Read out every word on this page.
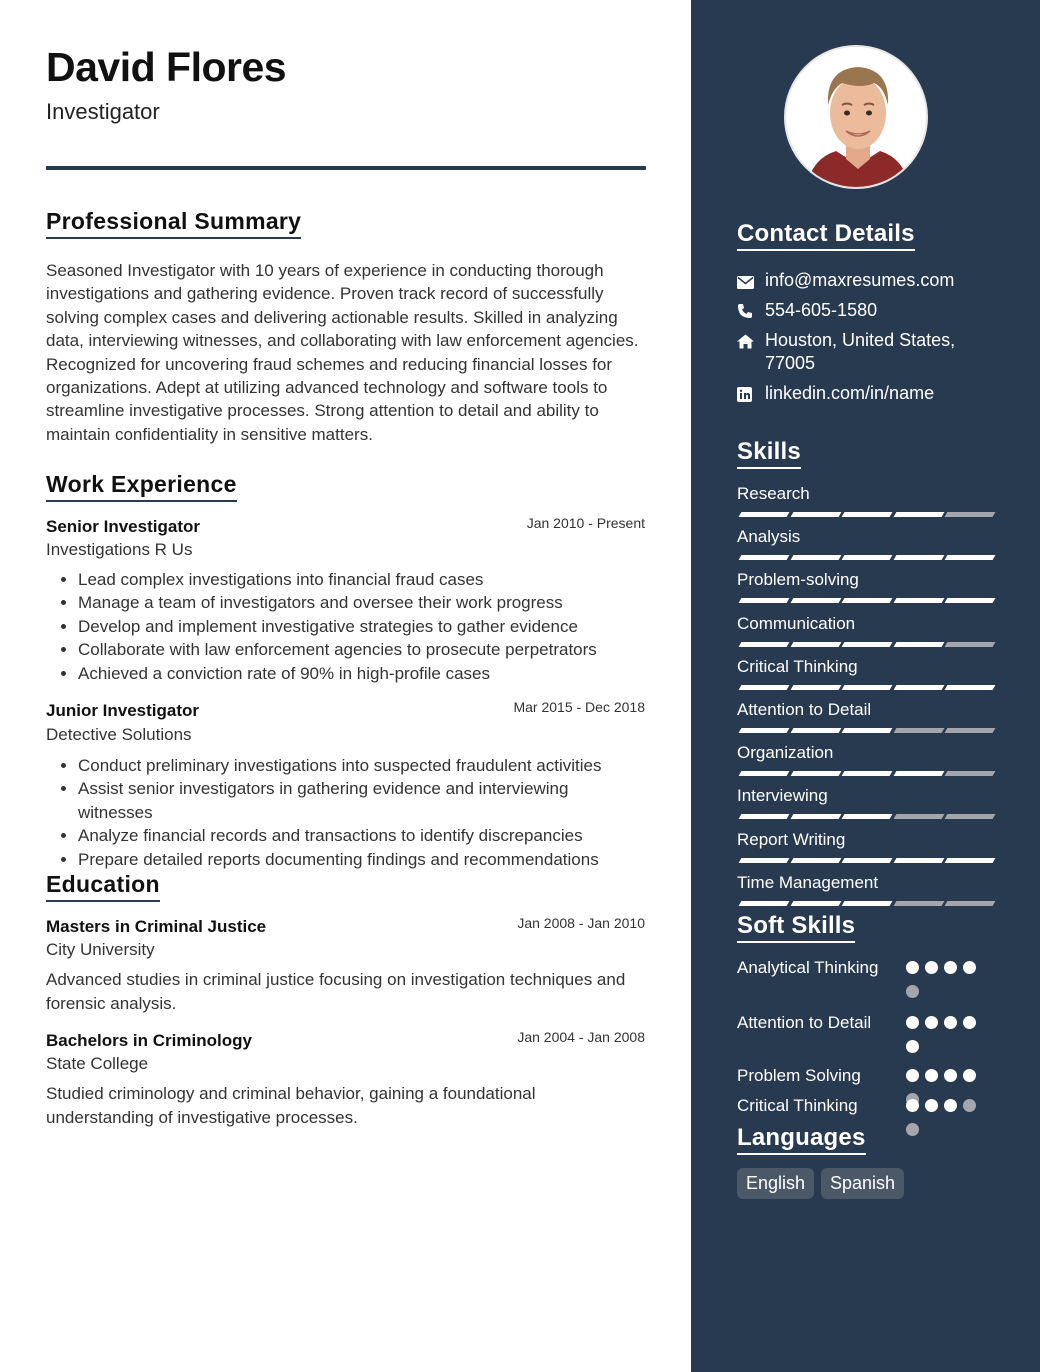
David Flores
Investigator
Professional Summary

Seasoned Investigator with 10 years of experience in conducting thorough investigations and gathering evidence. Proven track record of successfully solving complex cases and delivering actionable results. Skilled in analyzing data, interviewing witnesses, and collaborating with law enforcement agencies. Recognized for uncovering fraud schemes and reducing financial losses for organizations. Adept at utilizing advanced technology and software tools to streamline investigative processes. Strong attention to detail and ability to maintain confidentiality in sensitive matters.

Work Experience
Senior Investigator	Jan 2010 - Present
Investigations R Us
• Lead complex investigations into financial fraud cases
• Manage a team of investigators and oversee their work progress
• Develop and implement investigative strategies to gather evidence
• Collaborate with law enforcement agencies to prosecute perpetrators
• Achieved a conviction rate of 90% in high-profile cases
Junior Investigator	Mar 2015 - Dec 2018
Detective Solutions
• Conduct preliminary investigations into suspected fraudulent activities
• Assist senior investigators in gathering evidence and interviewing witnesses
• Analyze financial records and transactions to identify discrepancies
• Prepare detailed reports documenting findings and recommendations
Education
Masters in Criminal Justice	Jan 2008 - Jan 2010
City University

Advanced studies in criminal justice focusing on investigation techniques and forensic analysis.

Bachelors in Criminology	Jan 2004 - Jan 2008
State College

Studied criminology and criminal behavior, gaining a foundational understanding of investigative processes.

Contact Details
info@maxresumes.com
554-605-1580
Houston, United States, 77005
linkedin.com/in/name
Skills
Research
Analysis
Problem-solving
Communication
Critical Thinking
Attention to Detail
Organization
Interviewing
Report Writing
Time Management
Soft Skills
Analytical Thinking
Attention to Detail
Problem Solving
Critical Thinking
Languages
English	Spanish
